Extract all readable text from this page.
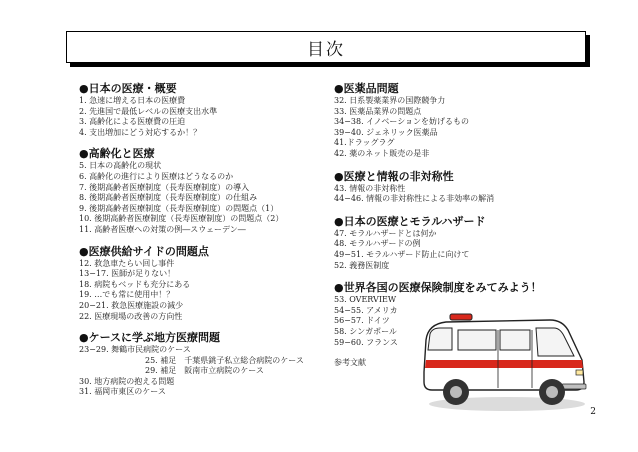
目次
●日本の医療・概要
1. 急速に増える日本の医療費
2. 先進国で最低レベルの医療支出水準
3. 高齢化による医療費の圧迫
4. 支出増加にどう対応するか！？
●高齢化と医療
5. 日本の高齢化の現状
6. 高齢化の進行により医療はどうなるのか
7. 後期高齢者医療制度（長寿医療制度）の導入
8. 後期高齢者医療制度（長寿医療制度）の仕組み
9. 後期高齢者医療制度（長寿医療制度）の問題点（1）
10. 後期高齢者医療制度（長寿医療制度）の問題点（2）
11. 高齢者医療への対策の例―スウェーデン―
●医療供給サイドの問題点
12. 救急車たらい回し事件
13−17. 医師が足りない！
18. 病院もベッドも充分にある
19. …でも常に使用中！？
20−21. 救急医療施設の減少
22. 医療現場の改善の方向性
●ケースに学ぶ地方医療問題
23−29. 舞鶴市民病院のケース
25. 補足　千葉県銚子私立総合病院のケース
29. 補足　阪南市立病院のケース
30. 地方病院の抱える問題
31. 福岡市東区のケース
●医薬品問題
32. 日系製薬業界の国際競争力
33. 医薬品業界の問題点
34−38. イノベーションを妨げるもの
39−40. ジェネリック医薬品
41.ドラッグラグ
42. 薬のネット販売の是非
●医療と情報の非対称性
43. 情報の非対称性
44−46. 情報の非対称性による非効率の解消
●日本の医療とモラルハザード
47. モラルハザードとは何か
48. モラルハザードの例
49−51. モラルハザード防止に向けて
52. 義務医制度
●世界各国の医療保険制度をみてみよう！
53. OVERVIEW
54−55. アメリカ
56−57. ドイツ
58. シンガポール
59−60. フランス
参考文献
2
